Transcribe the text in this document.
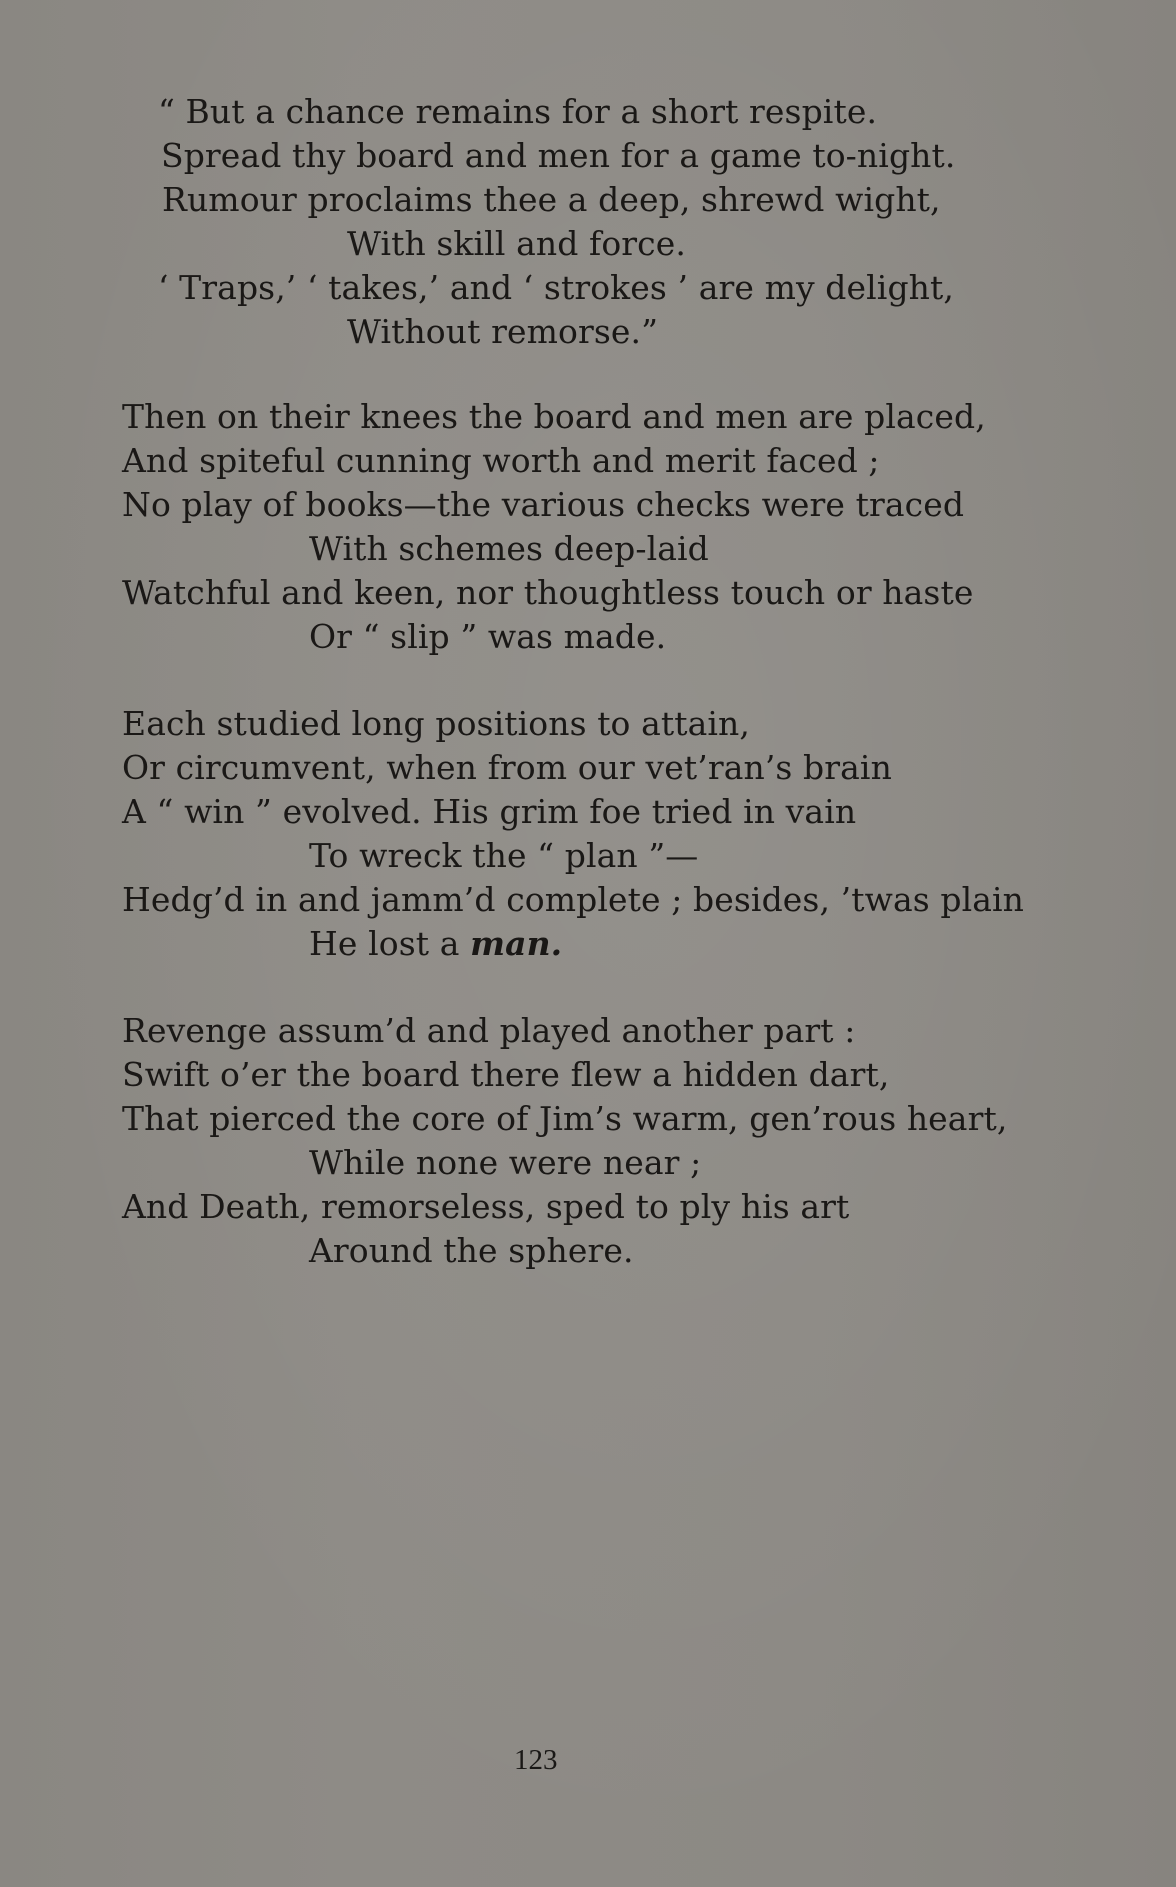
“ But a chance remains for a short respite.
Spread thy board and men for a game to-night.
Rumour proclaims thee a deep, shrewd wight,
With skill and force.
‘ Traps,’ ‘ takes,’ and ‘ strokes ’ are my delight,
Without remorse.”
Then on their knees the board and men are placed,
And spiteful cunning worth and merit faced ;
No play of books—the various checks were traced
With schemes deep-laid
Watchful and keen, nor thoughtless touch or haste
Or “ slip ” was made.
Each studied long positions to attain,
Or circumvent, when from our vet’ran’s brain
A “ win ” evolved. His grim foe tried in vain
To wreck the “ plan ”—
Hedg’d in and jamm’d complete ; besides, ’twas plain
He lost a man.
Revenge assum’d and played another part :
Swift o’er the board there flew a hidden dart,
That pierced the core of Jim’s warm, gen’rous heart,
While none were near ;
And Death, remorseless, sped to ply his art
Around the sphere.
123
